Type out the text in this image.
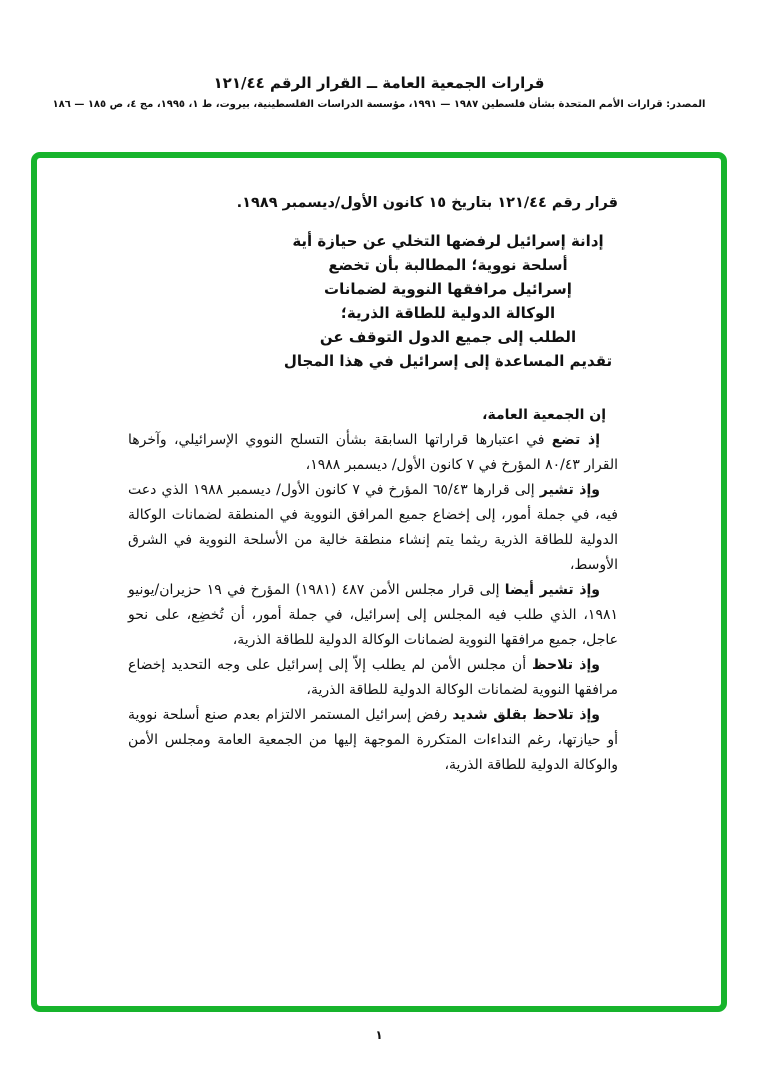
قرارات الجمعية العامة ــ القرار الرقم ١٢١/٤٤
المصدر: قرارات الأمم المتحدة بشأن فلسطين ١٩٨٧ — ١٩٩١، مؤسسة الدراسات الفلسطينية، بيروت، ط ١، ١٩٩٥، مج ٤، ص ١٨٥ — ١٨٦
قرار رقم ١٢١/٤٤ بتاريخ ١٥ كانون الأول/ديسمبر ١٩٨٩.
إدانة إسرائيل لرفضها التخلي عن حيازة أية
أسلحة نووية؛ المطالبة بأن تخضع
إسرائيل مرافقها النووية لضمانات
الوكالة الدولية للطاقة الذرية؛
الطلب إلى جميع الدول التوقف عن
تقديم المساعدة إلى إسرائيل في هذا المجال

إن الجمعية العامة،

إذ تضع في اعتبارها قراراتها السابقة بشأن التسلح النووي الإسرائيلي، وآخرها القرار ٨٠/٤٣ المؤرخ في ٧ كانون الأول/ ديسمبر ١٩٨٨،

وإذ تشير إلى قرارها ٦٥/٤٣ المؤرخ في ٧ كانون الأول/ ديسمبر ١٩٨٨ الذي دعت فيه، في جملة أمور، إلى إخضاع جميع المرافق النووية في المنطقة لضمانات الوكالة الدولية للطاقة الذرية ريثما يتم إنشاء منطقة خالية من الأسلحة النووية في الشرق الأوسط،

وإذ تشير أيضا إلى قرار مجلس الأمن ٤٨٧ (١٩٨١) المؤرخ في ١٩ حزيران/يونيو ١٩٨١، الذي طلب فيه المجلس إلى إسرائيل، في جملة أمور، أن تُخضِع، على نحو عاجل، جميع مرافقها النووية لضمانات الوكالة الدولية للطاقة الذرية،

وإذ تلاحظ أن مجلس الأمن لم يطلب إلاّ إلى إسرائيل على وجه التحديد إخضاع مرافقها النووية لضمانات الوكالة الدولية للطاقة الذرية،

وإذ تلاحظ بقلق شديد رفض إسرائيل المستمر الالتزام بعدم صنع أسلحة نووية أو حيازتها، رغم النداءات المتكررة الموجهة إليها من الجمعية العامة ومجلس الأمن والوكالة الدولية للطاقة الذرية،

١
